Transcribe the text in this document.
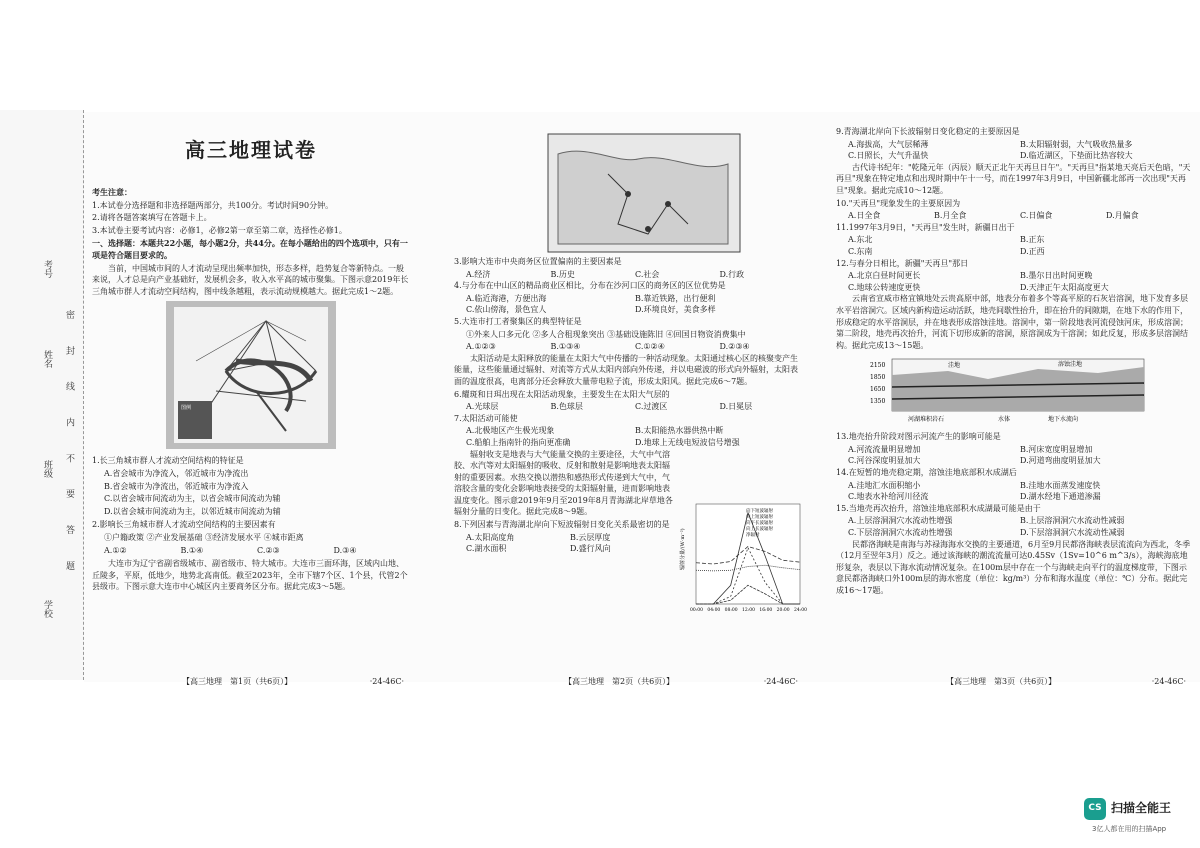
考号
姓名
班级
学校
密 封 线 内 不 要 答 题
高三地理试卷

考生注意：

1.本试卷分选择题和非选择题两部分，共100分。考试时间90分钟。

2.请将各题答案填写在答题卡上。

3.本试卷主要考试内容：必修1，必修2第一章至第二章，选择性必修1。

一、选择题：本题共22小题，每小题2分，共44分。在每小题给出的四个选项中，只有一项是符合题目要求的。

当前，中国城市间的人才流动呈现出频率加快，形态多样，趋势复合等新特点。一般来说，人才总是向产业基础好，发展机会多，收入水平高的城市聚集。下图示意2019年长三角城市群人才流动空间结构，图中线条越粗，表示流动规模越大。据此完成1～2题。

图例

1.长三角城市群人才流动空间结构的特征是

A.省会城市为净流入，邻近城市为净流出

B.省会城市为净流出，邻近城市为净流入

C.以省会城市间流动为主，以省会城市间流动为辅

D.以省会城市间流动为主，以邻近城市间流动为辅

2.影响长三角城市群人才流动空间结构的主要因素有

①户籍政策 ②产业发展基础 ③经济发展水平 ④城市距离

A.①②	B.①④	C.②③	D.③④

大连市为辽宁省副省级城市、副省级市、特大城市。大连市三面环海，区域内山地、丘陵多，平原，低地少，地势北高南低。截至2023年，全市下辖7个区、1个县，代管2个县级市。下图示意大连市中心城区内主要商务区分布。据此完成3～5题。

【高三地理　第1页（共6页）】	·24-46C·

3.影响大连市中央商务区位置偏南的主要因素是

A.经济	B.历史	C.社会	D.行政

4.与分布在中山区的精品商业区相比，分布在沙河口区的商务区的区位优势是

A.临近海港，方便出海	B.靠近铁路，出行便利
C.依山傍海，景色宜人	D.环境良好，美食多样

5.大连市打工者聚集区的典型特征是

①外来人口多元化 ②多人合租现象突出 ③基础设施陈旧 ④回国日物资消费集中

A.①②③	B.①③④	C.①②④	D.②③④

太阳活动是太阳释放的能量在太阳大气中传播的一种活动现象。太阳通过核心区的核聚变产生能量，这些能量通过辐射、对流等方式从太阳内部向外传递，并以电磁波的形式向外辐射，太阳表面的温度很高，电离部分还会释放大量带电粒子流，形成太阳风。据此完成6～7题。

6.耀斑和日珥出现在太阳活动现象，主要发生在太阳大气层的

A.光球层	B.色球层	C.过渡区	D.日冕层

7.太阳活动可能使

A.北极地区产生极光现象	B.太阳能热水器供热中断
C.船舶上指南针的指向更准确	D.地球上无线电短波信号增强

辐射收支是地表与大气能量交换的主要途径，大气中气溶胶、水汽等对太阳辐射的吸收、反射和散射是影响地表太阳辐射的重要因素。水热交换以潜热和感热形式传递到大气中，气溶胶含量的变化会影响地表接受的太阳辐射量，进而影响地表温度变化。图示意2019年9月至2019年8月青海湖北岸草地各辐射分量的日变化。据此完成8～9题。

8.下列因素与青海湖北岸向下短波辐射日变化关系最密切的是

A.太阳高度角	B.云层厚度
C.湖水面积	D.盛行风向	辐射分量/(W·m⁻²)
向下短波辐射
向上短波辐射
向下长波辐射
向上长波辐射
净辐射
00:00 04:00 08:00 12:00 16:00 20:00 24:00
【高三地理　第2页（共6页）】	·24-46C·

9.青海湖北岸向下长波辐射日变化稳定的主要原因是

A.海拔高，大气层稀薄	B.太阳辐射弱，大气吸收热量多
C.日照长，大气升温快	D.临近湖区，下垫面比热容较大

古代诗书纪年："乾隆元年（丙辰）顺天正北午天再旦日午"。"天再旦"指某地天亮后天色暗，"天再旦"现象在特定地点和出现时期中午十一号，而在1997年3月9日，中国新疆北部再一次出现"天再旦"现象。据此完成10～12题。

10."天再旦"现象发生的主要原因为

A.日全食	B.月全食	C.日偏食	D.月偏食

11.1997年3月9日，"天再旦"发生时，新疆日出于

A.东北	B.正东
C.东南	D.正西

12.与春分日相比，新疆"天再旦"那日

A.北京白昼时间更长	B.墨尔日出时间更晚
C.地球公转速度更快	D.天津正午太阳高度更大

云南省宣威市格宜镇地处云贵高原中部，地表分布着多个等高平原的石灰岩溶洞，地下发育多层水平岩溶洞穴。区域内新构造运动活跃，地壳间歇性抬升，即在抬升的间隙期，在地下水的作用下，形成稳定的水平溶洞层，并在地表形成溶蚀洼地。溶洞中，第一阶段地表河流侵蚀河床，形成溶洞；第二阶段，地壳再次抬升，河流下切形成新的溶洞，原溶洞成为干溶洞；如此反复，形成多层溶洞结构。据此完成13～15题。

2150
1850
1650
1350
洼地	溶蚀洼地
河湖堆积岩石	水体	地下水流向

13.地壳抬升阶段对图示河流产生的影响可能是

A.河流流量明显增加	B.河床宽度明显增加
C.河谷深度明显加大	D.河道弯曲度明显加大

14.在短暂的地壳稳定期，溶蚀洼地底部积水成湖后

A.洼地汇水面积缩小	B.洼地水面蒸发速度快
C.地表水补给河川径流	D.湖水经地下通道渗漏

15.当地壳再次抬升，溶蚀洼地底部积水成湖最可能是由于

A.上层溶洞洞穴水流动性增强	B.上层溶洞洞穴水流动性减弱
C.下层溶洞洞穴水流动性增强	D.下层溶洞洞穴水流动性减弱

民都洛海峡是南海与苏禄海海水交换的主要通道，6月至9月民都洛海峡表层流流向为西北，冬季（12月至翌年3月）反之。通过该海峡的潮流流量可达0.45Sv（1Sv=10^6 m^3/s），海峡海底地形复杂，表层以下海水流动情况复杂。在100m层中存在一个与海峡走向平行的温度梯度带，下图示意民都洛海峡口外100m层的海水密度（单位：kg/m³）分布和海水温度（单位：℃）分布。据此完成16～17题。

【高三地理　第3页（共6页）】	·24-46C·
CS 扫描全能王
3亿人都在用的扫描App
